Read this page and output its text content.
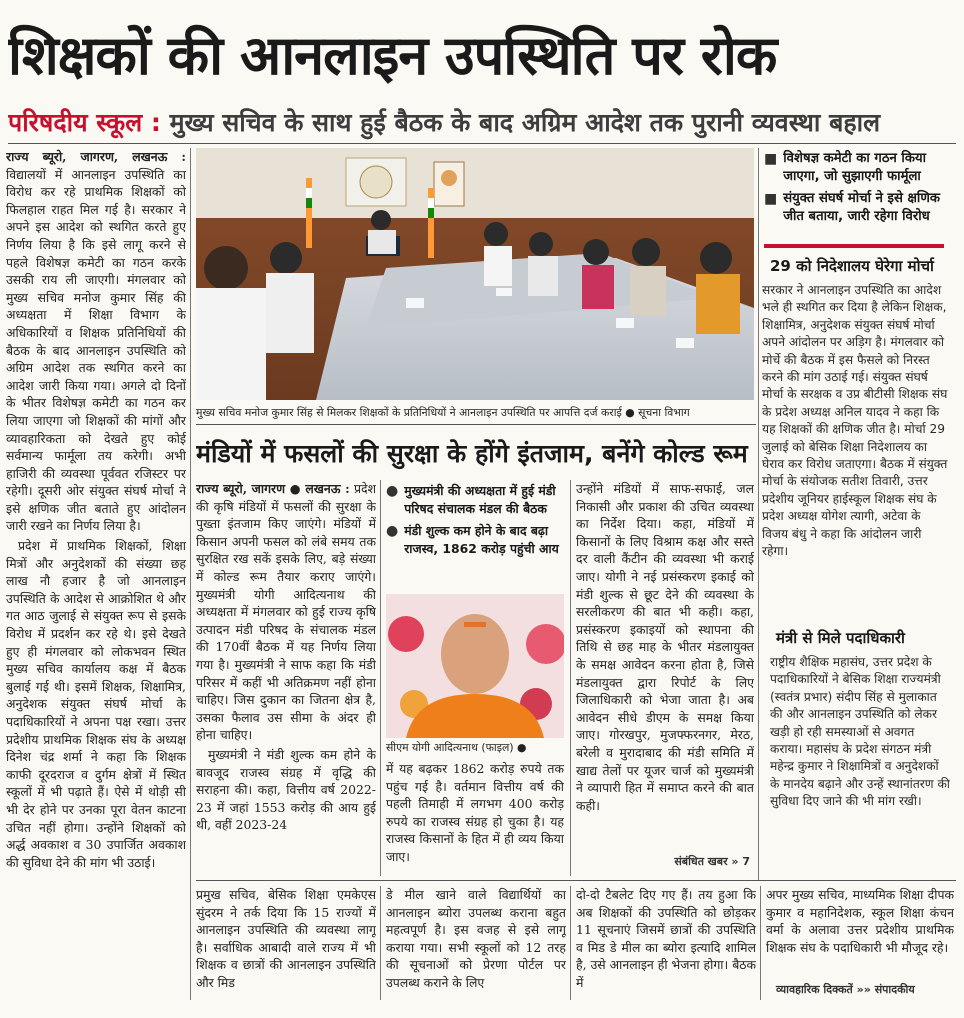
शिक्षकों की आनलाइन उपस्थिति पर रोक
परिषदीय स्कूल : मुख्य सचिव के साथ हुई बैठक के बाद अग्रिम आदेश तक पुरानी व्यवस्था बहाल

राज्य ब्यूरो, जागरण, लखनऊ : विद्यालयों में आनलाइन उपस्थिति का विरोध कर रहे प्राथमिक शिक्षकों को फिलहाल राहत मिल गई है। सरकार ने अपने इस आदेश को स्थगित करते हुए निर्णय लिया है कि इसे लागू करने से पहले विशेषज्ञ कमेटी का गठन करके उसकी राय ली जाएगी। मंगलवार को मुख्य सचिव मनोज कुमार सिंह की अध्यक्षता में शिक्षा विभाग के अधिकारियों व शिक्षक प्रतिनिधियों की बैठक के बाद आनलाइन उपस्थिति को अग्रिम आदेश तक स्थगित करने का आदेश जारी किया गया। अगले दो दिनों के भीतर विशेषज्ञ कमेटी का गठन कर लिया जाएगा जो शिक्षकों की मांगों और व्यावहारिकता को देखते हुए कोई सर्वमान्य फार्मूला तय करेगी। अभी हाजिरी की व्यवस्था पूर्ववत रजिस्टर पर रहेगी। दूसरी ओर संयुक्त संघर्ष मोर्चा ने इसे क्षणिक जीत बताते हुए आंदोलन जारी रखने का निर्णय लिया है।

प्रदेश में प्राथमिक शिक्षकों, शिक्षा मित्रों और अनुदेशकों की संख्या छह लाख नौ हजार है जो आनलाइन उपस्थिति के आदेश से आक्रोशित थे और गत आठ जुलाई से संयुक्त रूप से इसके विरोध में प्रदर्शन कर रहे थे। इसे देखते हुए ही मंगलवार को लोकभवन स्थित मुख्य सचिव कार्यालय कक्ष में बैठक बुलाई गई थी। इसमें शिक्षक, शिक्षामित्र, अनुदेशक संयुक्त संघर्ष मोर्चा के पदाधिकारियों ने अपना पक्ष रखा। उत्तर प्रदेशीय प्राथमिक शिक्षक संघ के अध्यक्ष दिनेश चंद्र शर्मा ने कहा कि शिक्षक काफी दूरदराज व दुर्गम क्षेत्रों में स्थित स्कूलों में भी पढ़ाते हैं। ऐसे में थोड़ी सी भी देर होने पर उनका पूरा वेतन काटना उचित नहीं होगा। उन्होंने शिक्षकों को अर्द्ध अवकाश व 30 उपार्जित अवकाश की सुविधा देने की मांग भी उठाई।

मुख्य सचिव मनोज कुमार सिंह से मिलकर शिक्षकों के प्रतिनिधियों ने आनलाइन उपस्थिति पर आपत्ति दर्ज कराई ● सूचना विभाग
■ विशेषज्ञ कमेटी का गठन किया जाएगा, जो सुझाएगी फार्मूला
■ संयुक्त संघर्ष मोर्चा ने इसे क्षणिक जीत बताया, जारी रहेगा विरोध
29 को निदेशालय घेरेगा मोर्चा
सरकार ने आनलाइन उपस्थिति का आदेश भले ही स्थगित कर दिया है लेकिन शिक्षक, शिक्षामित्र, अनुदेशक संयुक्त संघर्ष मोर्चा अपने आंदोलन पर अड़िग है। मंगलवार को मोर्चे की बैठक में इस फैसले को निरस्त करने की मांग उठाई गई। संयुक्त संघर्ष मोर्चा के सरक्षक व उप्र बीटीसी शिक्षक संघ के प्रदेश अध्यक्ष अनिल यादव ने कहा कि यह शिक्षकों की क्षणिक जीत है। मोर्चा 29 जुलाई को बेसिक शिक्षा निदेशालय का घेराव कर विरोध जताएगा। बैठक में संयुक्त मोर्चा के संयोजक सतीश तिवारी, उत्तर प्रदेशीय जूनियर हाईस्कूल शिक्षक संघ के प्रदेश अध्यक्ष योगेश त्यागी, अटेवा के विजय बंधु ने कहा कि आंदोलन जारी रहेगा।
मंत्री से मिले पदाधिकारी
राष्ट्रीय शैक्षिक महासंघ, उत्तर प्रदेश के पदाधिकारियों ने बेसिक शिक्षा राज्यमंत्री (स्वतंत्र प्रभार) संदीप सिंह से मुलाकात की और आनलाइन उपस्थिति को लेकर खड़ी हो रही समस्याओं से अवगत कराया। महासंघ के प्रदेश संगठन मंत्री महेन्द्र कुमार ने शिक्षामित्रों व अनुदेशकों के मानदेय बढ़ाने और उन्हें स्थानांतरण की सुविधा दिए जाने की भी मांग रखी।
मंडियों में फसलों की सुरक्षा के होंगे इंतजाम, बनेंगे कोल्ड रूम

राज्य ब्यूरो, जागरण ● लखनऊ : प्रदेश की कृषि मंडियों में फसलों की सुरक्षा के पुख्ता इंतजाम किए जाएंगे। मंडियों में किसान अपनी फसल को लंबे समय तक सुरक्षित रख सकें इसके लिए, बड़े संख्या में कोल्ड रूम तैयार कराए जाएंगे। मुख्यमंत्री योगी आदित्यनाथ की अध्यक्षता में मंगलवार को हुई राज्य कृषि उत्पादन मंडी परिषद के संचालक मंडल की 170वीं बैठक में यह निर्णय लिया गया है। मुख्यमंत्री ने साफ कहा कि मंडी परिसर में कहीं भी अतिक्रमण नहीं होना चाहिए। जिस दुकान का जितना क्षेत्र है, उसका फैलाव उस सीमा के अंदर ही होना चाहिए।

मुख्यमंत्री ने मंडी शुल्क कम होने के बावजूद राजस्व संग्रह में वृद्धि की सराहना की। कहा, वित्तीय वर्ष 2022-23 में जहां 1553 करोड़ की आय हुई थी, वहीं 2023-24

● मुख्यमंत्री की अध्यक्षता में हुई मंडी परिषद संचालक मंडल की बैठक
● मंडी शुल्क कम होने के बाद बढ़ा राजस्व, 1862 करोड़ पहुंची आय
सीएम योगी आदित्यनाथ (फाइल) ●

में यह बढ़कर 1862 करोड़ रुपये तक पहुंच गई है। वर्तमान वित्तीय वर्ष की पहली तिमाही में लगभग 400 करोड़ रुपये का राजस्व संग्रह हो चुका है। यह राजस्व किसानों के हित में ही व्यय किया जाए।

उन्होंने मंडियों में साफ-सफाई, जल निकासी और प्रकाश की उचित व्यवस्था का निर्देश दिया। कहा, मंडियों में किसानों के लिए विश्राम कक्ष और सस्ते दर वाली कैंटीन की व्यवस्था भी कराई जाए। योगी ने नई प्रसंस्करण इकाई को मंडी शुल्क से छूट देने की व्यवस्था के सरलीकरण की बात भी कही। कहा, प्रसंस्करण इकाइयों को स्थापना की तिथि से छह माह के भीतर मंडलायुक्त के समक्ष आवेदन करना होता है, जिसे मंडलायुक्त द्वारा रिपोर्ट के लिए जिलाधिकारी को भेजा जाता है। अब आवेदन सीधे डीएम के समक्ष किया जाए। गोरखपुर, मुजफ्फरनगर, मेरठ, बरेली व मुरादाबाद की मंडी समिति में खाद्य तेलों पर यूजर चार्ज को मुख्यमंत्री ने व्यापारी हित में समाप्त करने की बात कही।

संबंधित खबर » 7
प्रमुख सचिव, बेसिक शिक्षा एमकेएस सुंदरम ने तर्क दिया कि 15 राज्यों में आनलाइन उपस्थिति की व्यवस्था लागू है। सर्वाधिक आबादी वाले राज्य में भी शिक्षक व छात्रों की आनलाइन उपस्थिति और मिड
डे मील खाने वाले विद्यार्थियों का आनलाइन ब्योरा उपलब्ध कराना बहुत महत्वपूर्ण है। इस वजह से इसे लागू कराया गया। सभी स्कूलों को 12 तरह की सूचनाओं को प्रेरणा पोर्टल पर उपलब्ध कराने के लिए
दो-दो टैबलेट दिए गए हैं। तय हुआ कि अब शिक्षकों की उपस्थिति को छोड़कर 11 सूचनाएं जिसमें छात्रों की उपस्थिति व मिड डे मील का ब्योरा इत्यादि शामिल है, उसे आनलाइन ही भेजना होगा। बैठक में
अपर मुख्य सचिव, माध्यमिक शिक्षा दीपक कुमार व महानिदेशक, स्कूल शिक्षा कंचन वर्मा के अलावा उत्तर प्रदेशीय प्राथमिक शिक्षक संघ के पदाधिकारी भी मौजूद रहे।
व्यावहारिक दिक्कतें »» संपादकीय
